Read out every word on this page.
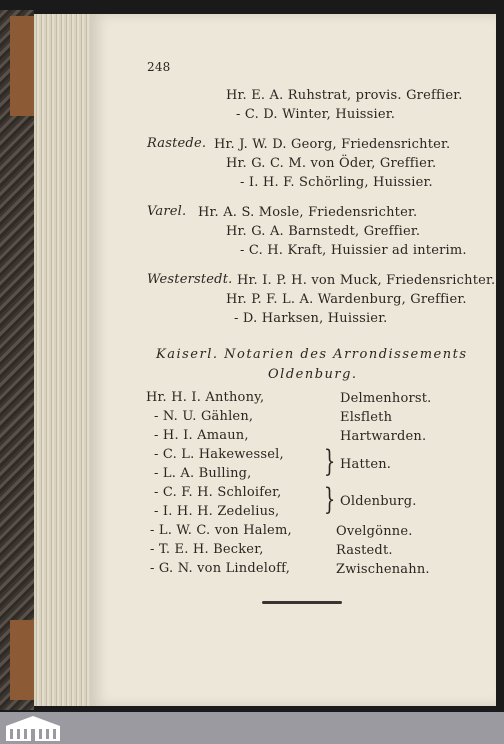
248
Hr. E. A. Ruhstrat, provis. Greffier.
- C. D. Winter, Huissier.
Rastede. Hr. J. W. D. Georg, Friedensrichter.
Hr. G. C. M. von Öder, Greffier.
- I. H. F. Schörling, Huissier.
Varel. Hr. A. S. Mosle, Friedensrichter.
Hr. G. A. Barnstedt, Greffier.
- C. H. Kraft, Huissier ad interim.
Westerstedt. Hr. I. P. H. von Muck, Friedensrichter.
Hr. P. F. L. A. Wardenburg, Greffier.
- D. Harksen, Huissier.
Kaiserl. Notarien des Arrondissements
Oldenburg.
Hr. H. I. Anthony,	Delmenhorst.
- N. U. Gählen,	Elsfleth
- H. I. Amaun,	Hartwarden.
- C. L. Hakewessel,
- L. A. Bulling, } Hatten.
- C. F. H. Schloifer,
- I. H. H. Zedelius, } Oldenburg.
- L. W. C. von Halem,	Ovelgönne.
- T. E. H. Becker,	Rastedt.
- G. N. von Lindeloff,	Zwischenahn.
